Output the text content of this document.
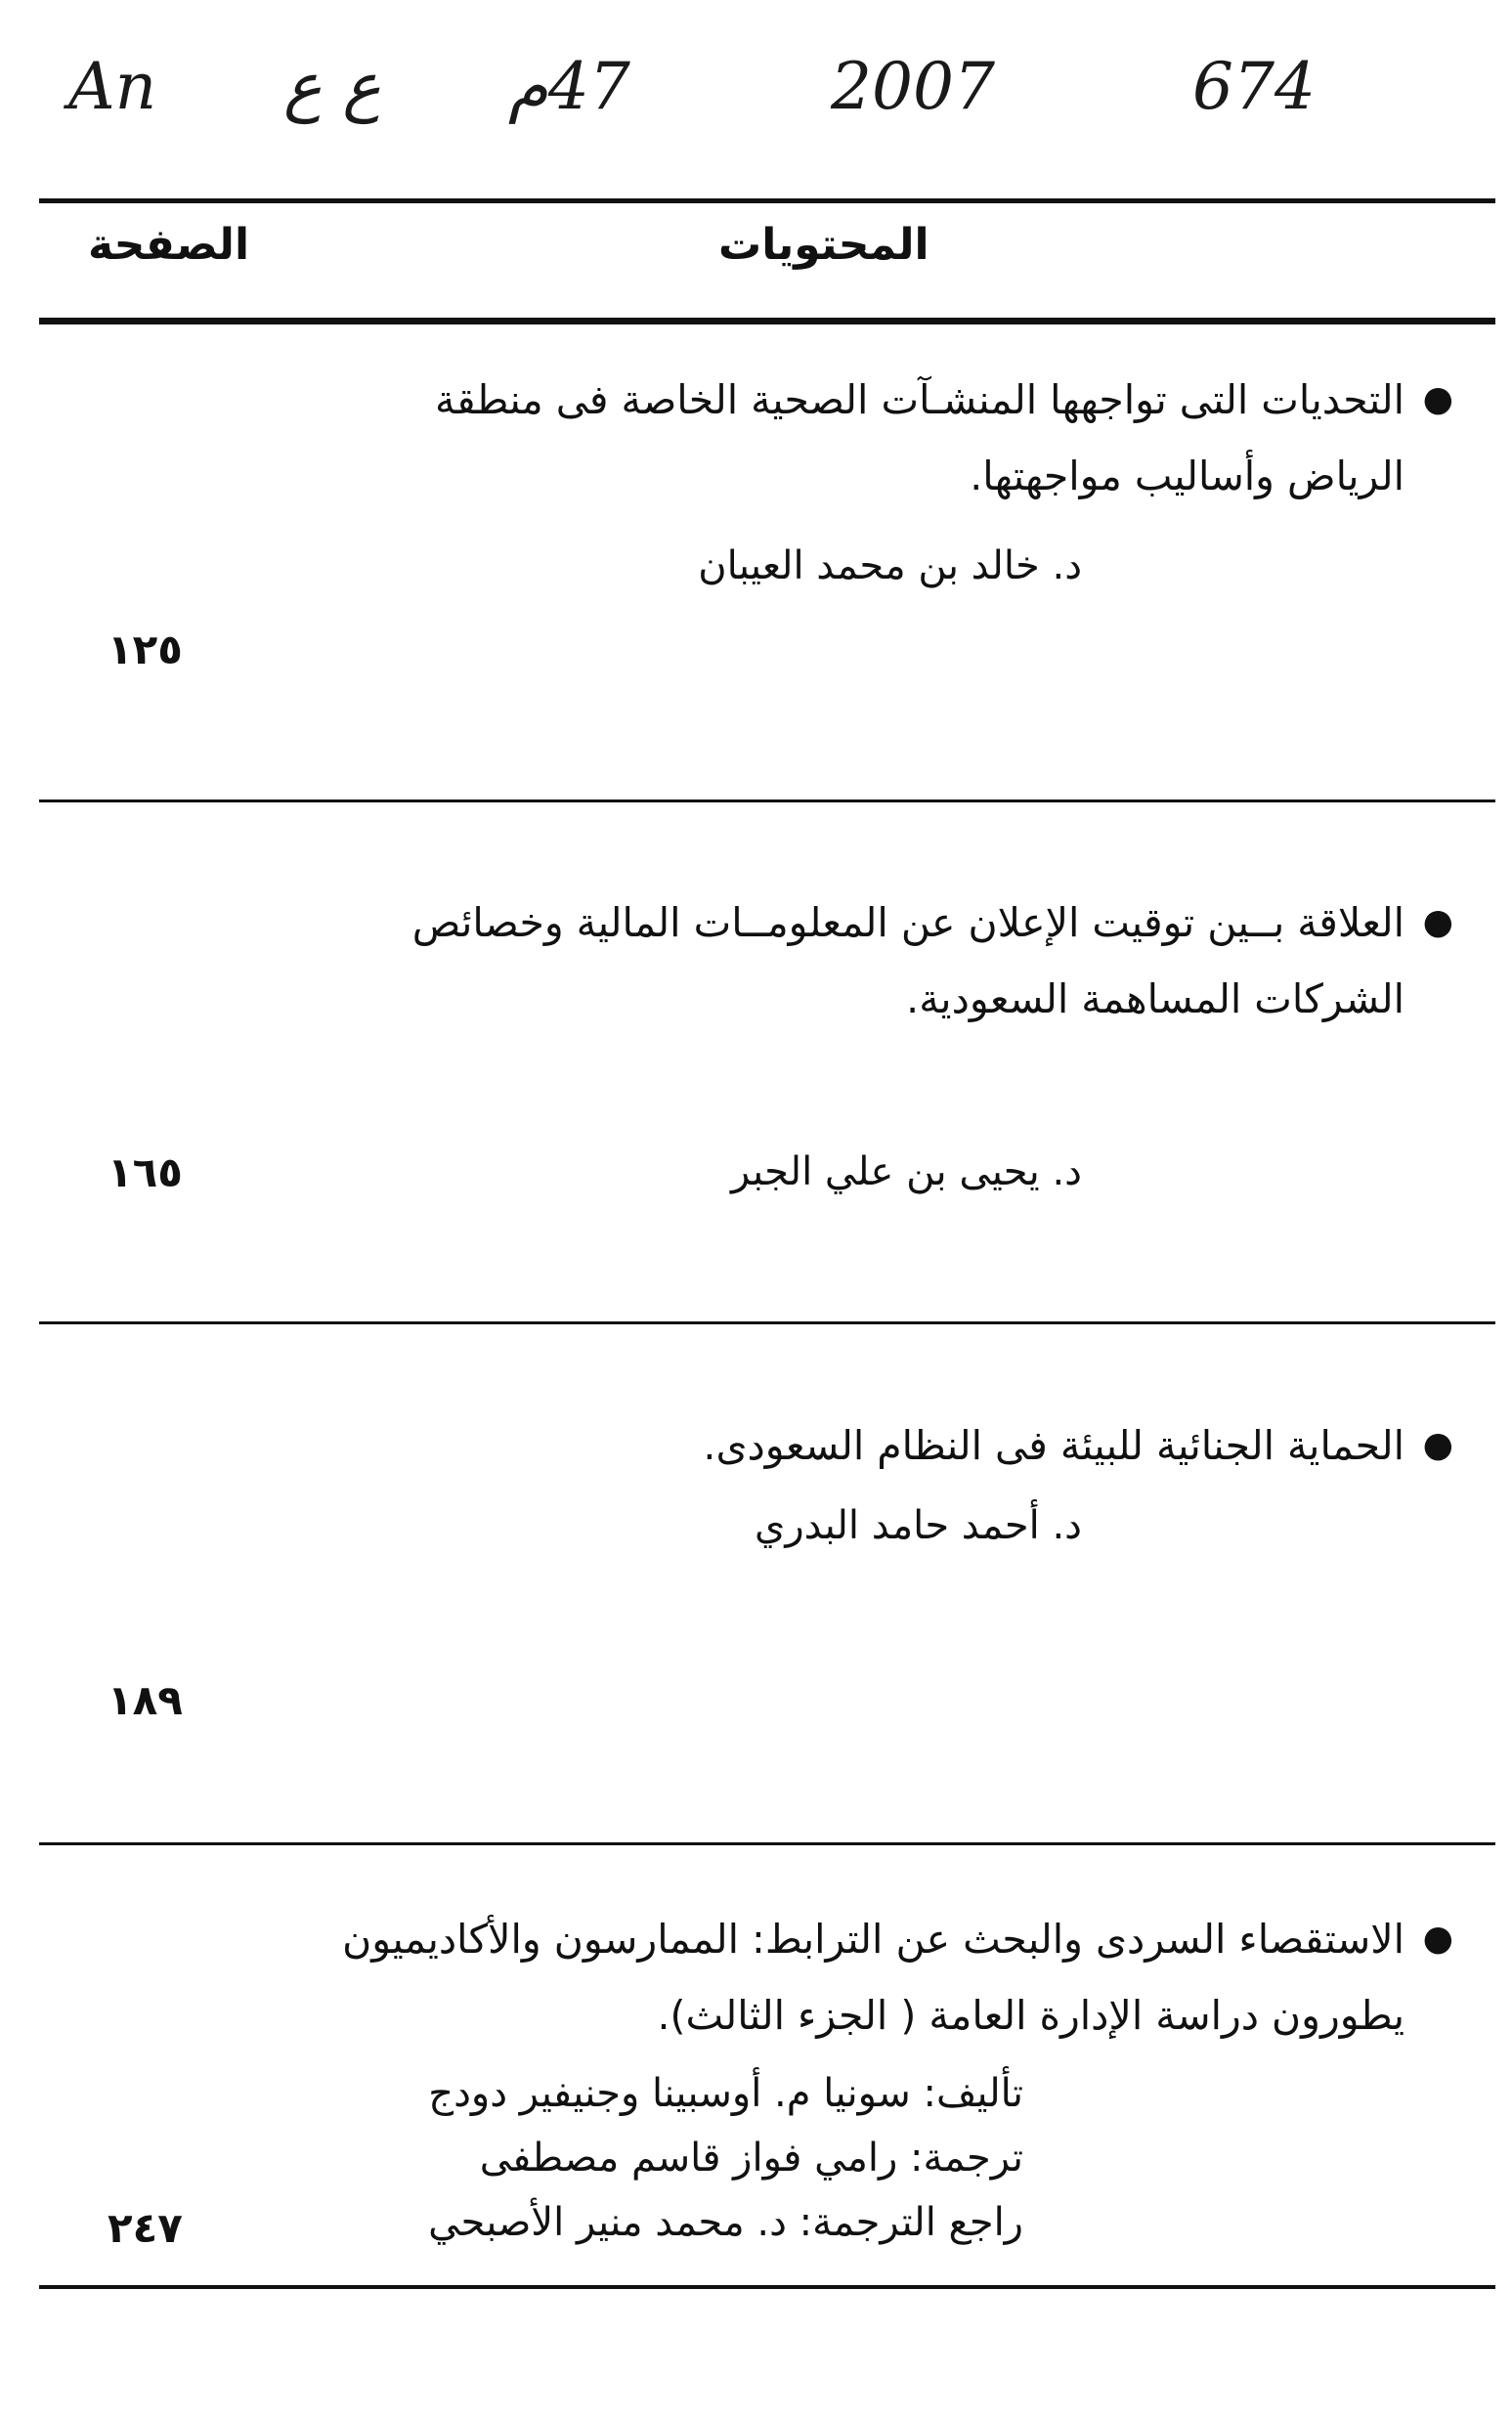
An ع ع 47م	2007	674
الصفحة	المحتويات
●
التحديات التى تواجهها المنشـآت الصحية الخاصة فى منطقة
الرياض وأساليب مواجهتها.
د. خالد بن محمد العيبان
١٢٥
●
العلاقة بــين توقيت الإعلان عن المعلومــات المالية وخصائص
الشركات المساهمة السعودية.
د. يحيى بن علي الجبر
١٦٥
●
الحماية الجنائية للبيئة فى النظام السعودى.
د. أحمد حامد البدري
١٨٩
●
الاستقصاء السردى والبحث عن الترابط: الممارسون والأكاديميون
يطورون دراسة الإدارة العامة ( الجزء الثالث).
تأليف: سونيا م. أوسبينا وجنيفير دودج
ترجمة: رامي فواز قاسم مصطفى
راجع الترجمة: د. محمد منير الأصبحي
٢٤٧
